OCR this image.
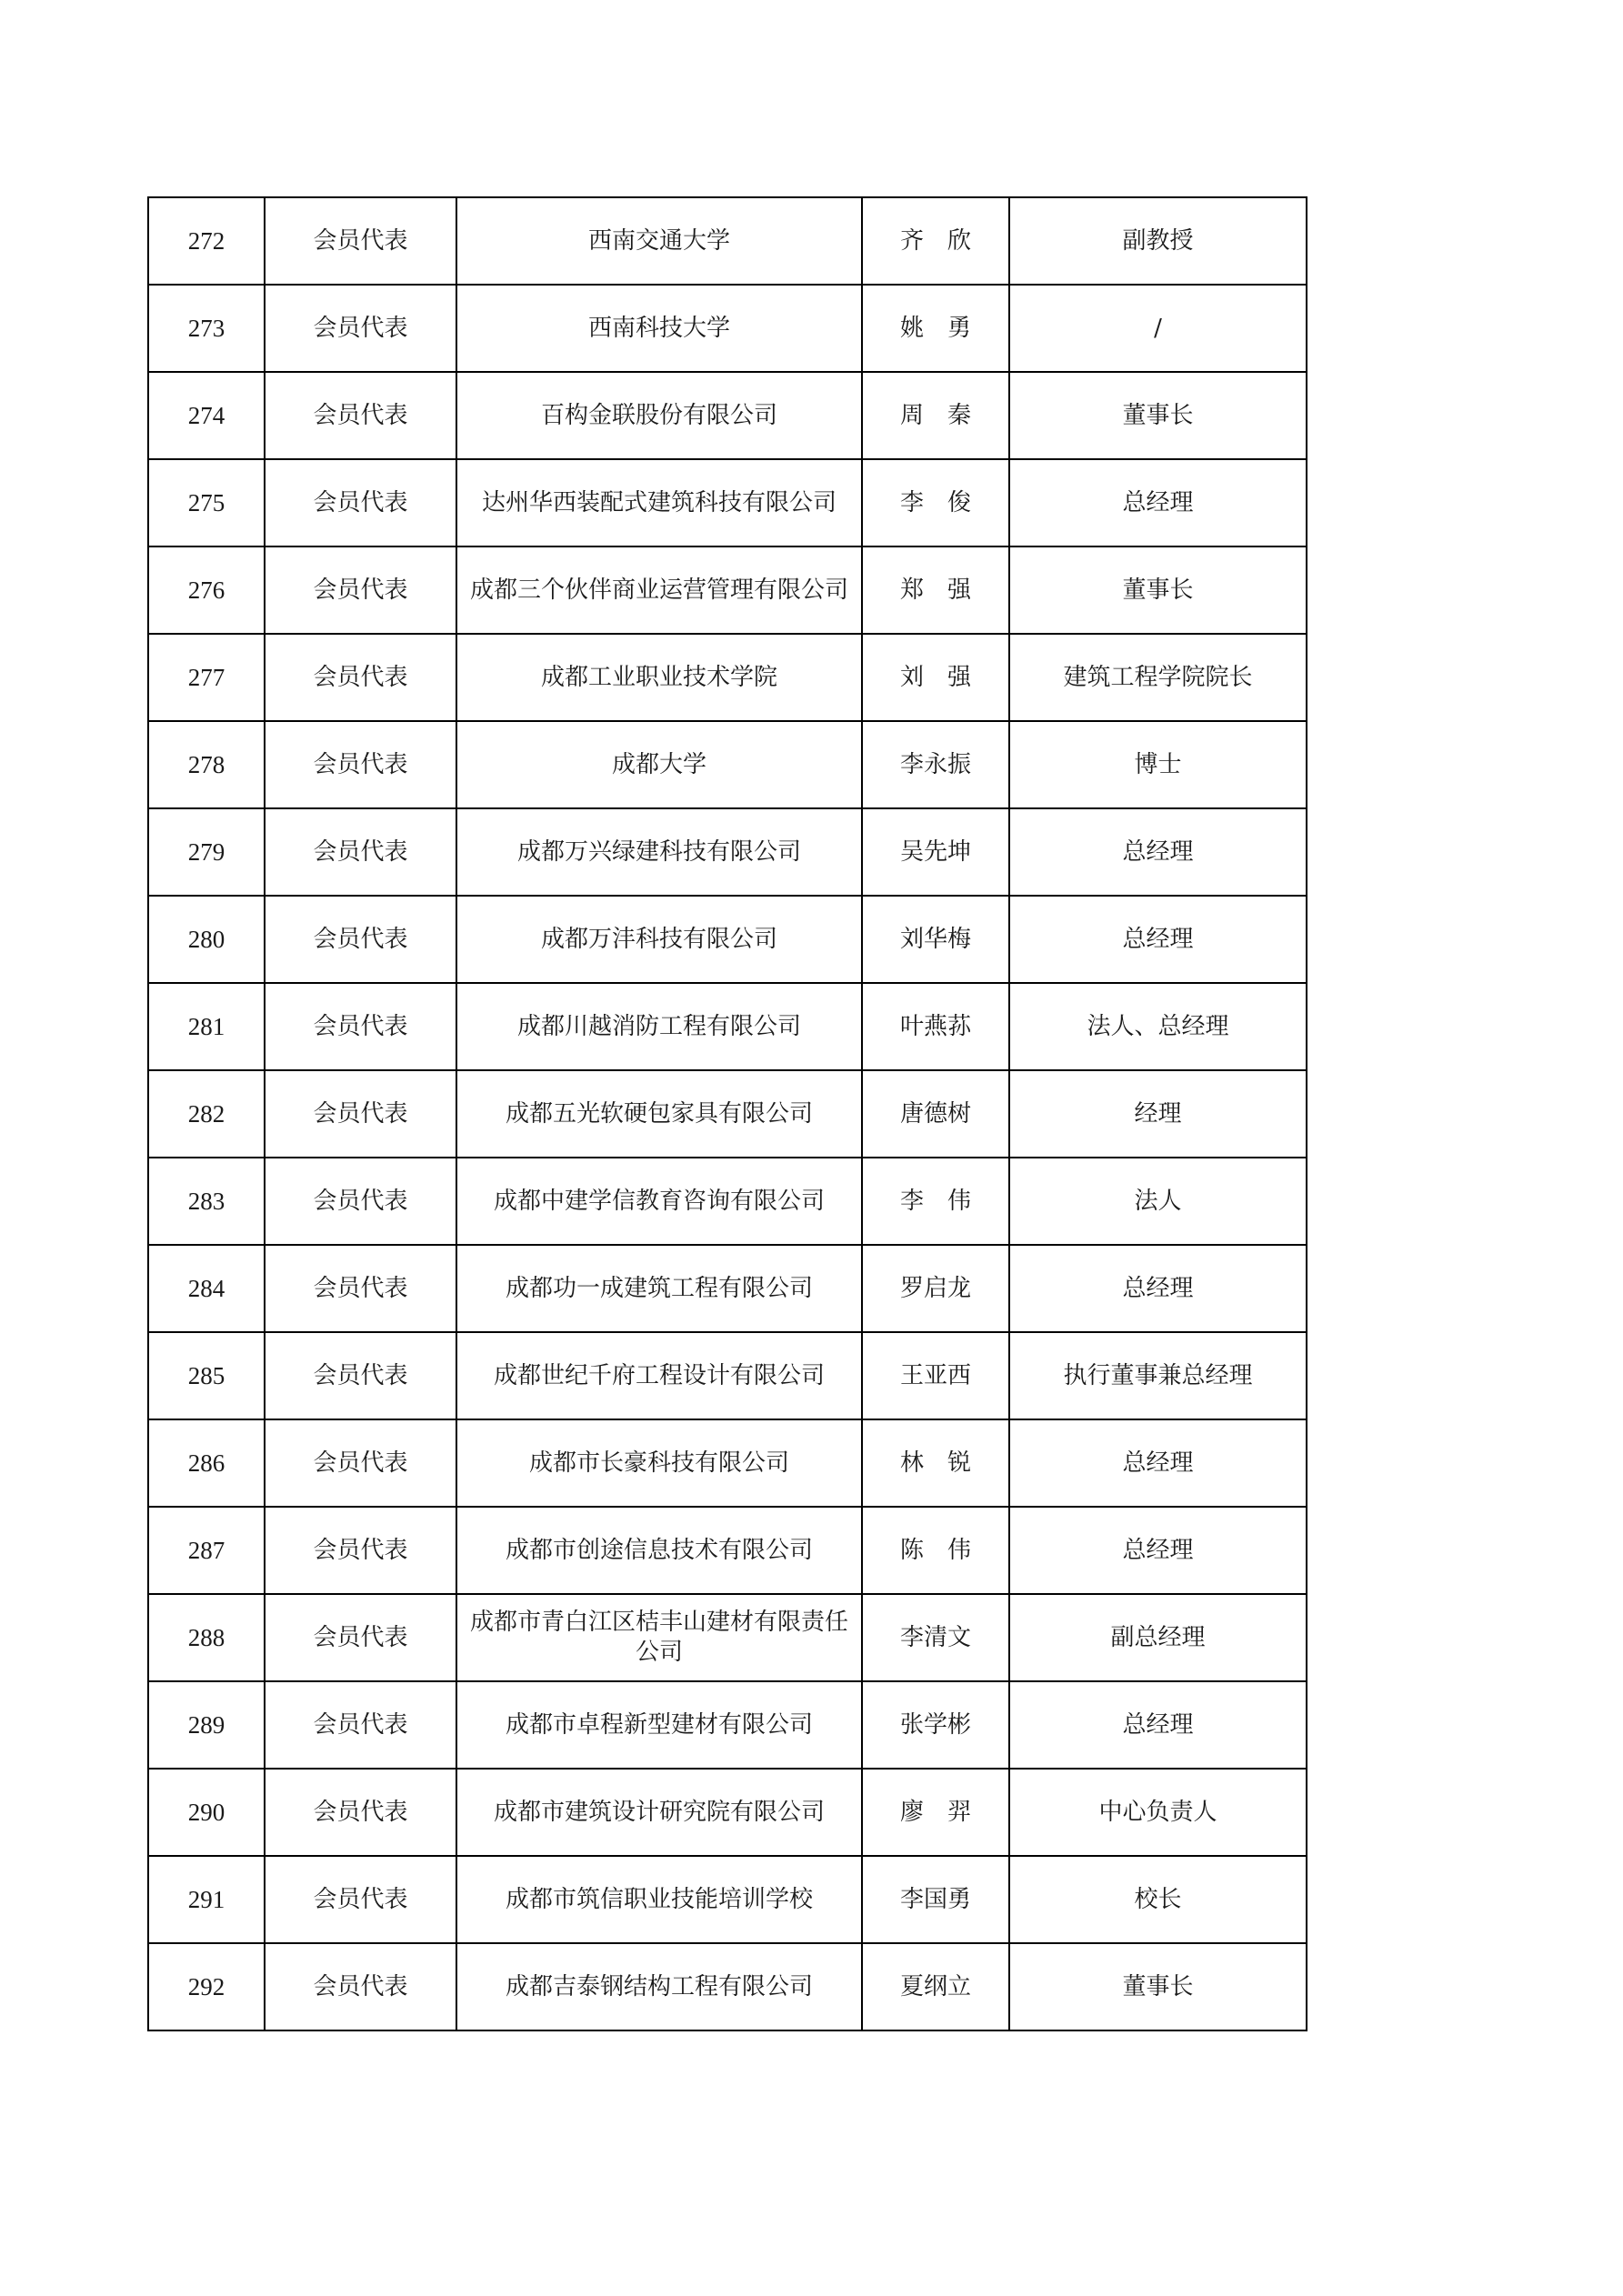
272	会员代表	西南交通大学	齐　欣	副教授
273	会员代表	西南科技大学	姚　勇	/
274	会员代表	百构金联股份有限公司	周　秦	董事长
275	会员代表	达州华西装配式建筑科技有限公司	李　俊	总经理
276	会员代表	成都三个伙伴商业运营管理有限公司	郑　强	董事长
277	会员代表	成都工业职业技术学院	刘　强	建筑工程学院院长
278	会员代表	成都大学	李永振	博士
279	会员代表	成都万兴绿建科技有限公司	吴先坤	总经理
280	会员代表	成都万沣科技有限公司	刘华梅	总经理
281	会员代表	成都川越消防工程有限公司	叶燕荪	法人、总经理
282	会员代表	成都五光软硬包家具有限公司	唐德树	经理
283	会员代表	成都中建学信教育咨询有限公司	李　伟	法人
284	会员代表	成都功一成建筑工程有限公司	罗启龙	总经理
285	会员代表	成都世纪千府工程设计有限公司	王亚西	执行董事兼总经理
286	会员代表	成都市长豪科技有限公司	林　锐	总经理
287	会员代表	成都市创途信息技术有限公司	陈　伟	总经理
288	会员代表	成都市青白江区桔丰山建材有限责任公司	李清文	副总经理
289	会员代表	成都市卓程新型建材有限公司	张学彬	总经理
290	会员代表	成都市建筑设计研究院有限公司	廖　羿	中心负责人
291	会员代表	成都市筑信职业技能培训学校	李国勇	校长
292	会员代表	成都吉泰钢结构工程有限公司	夏纲立	董事长
